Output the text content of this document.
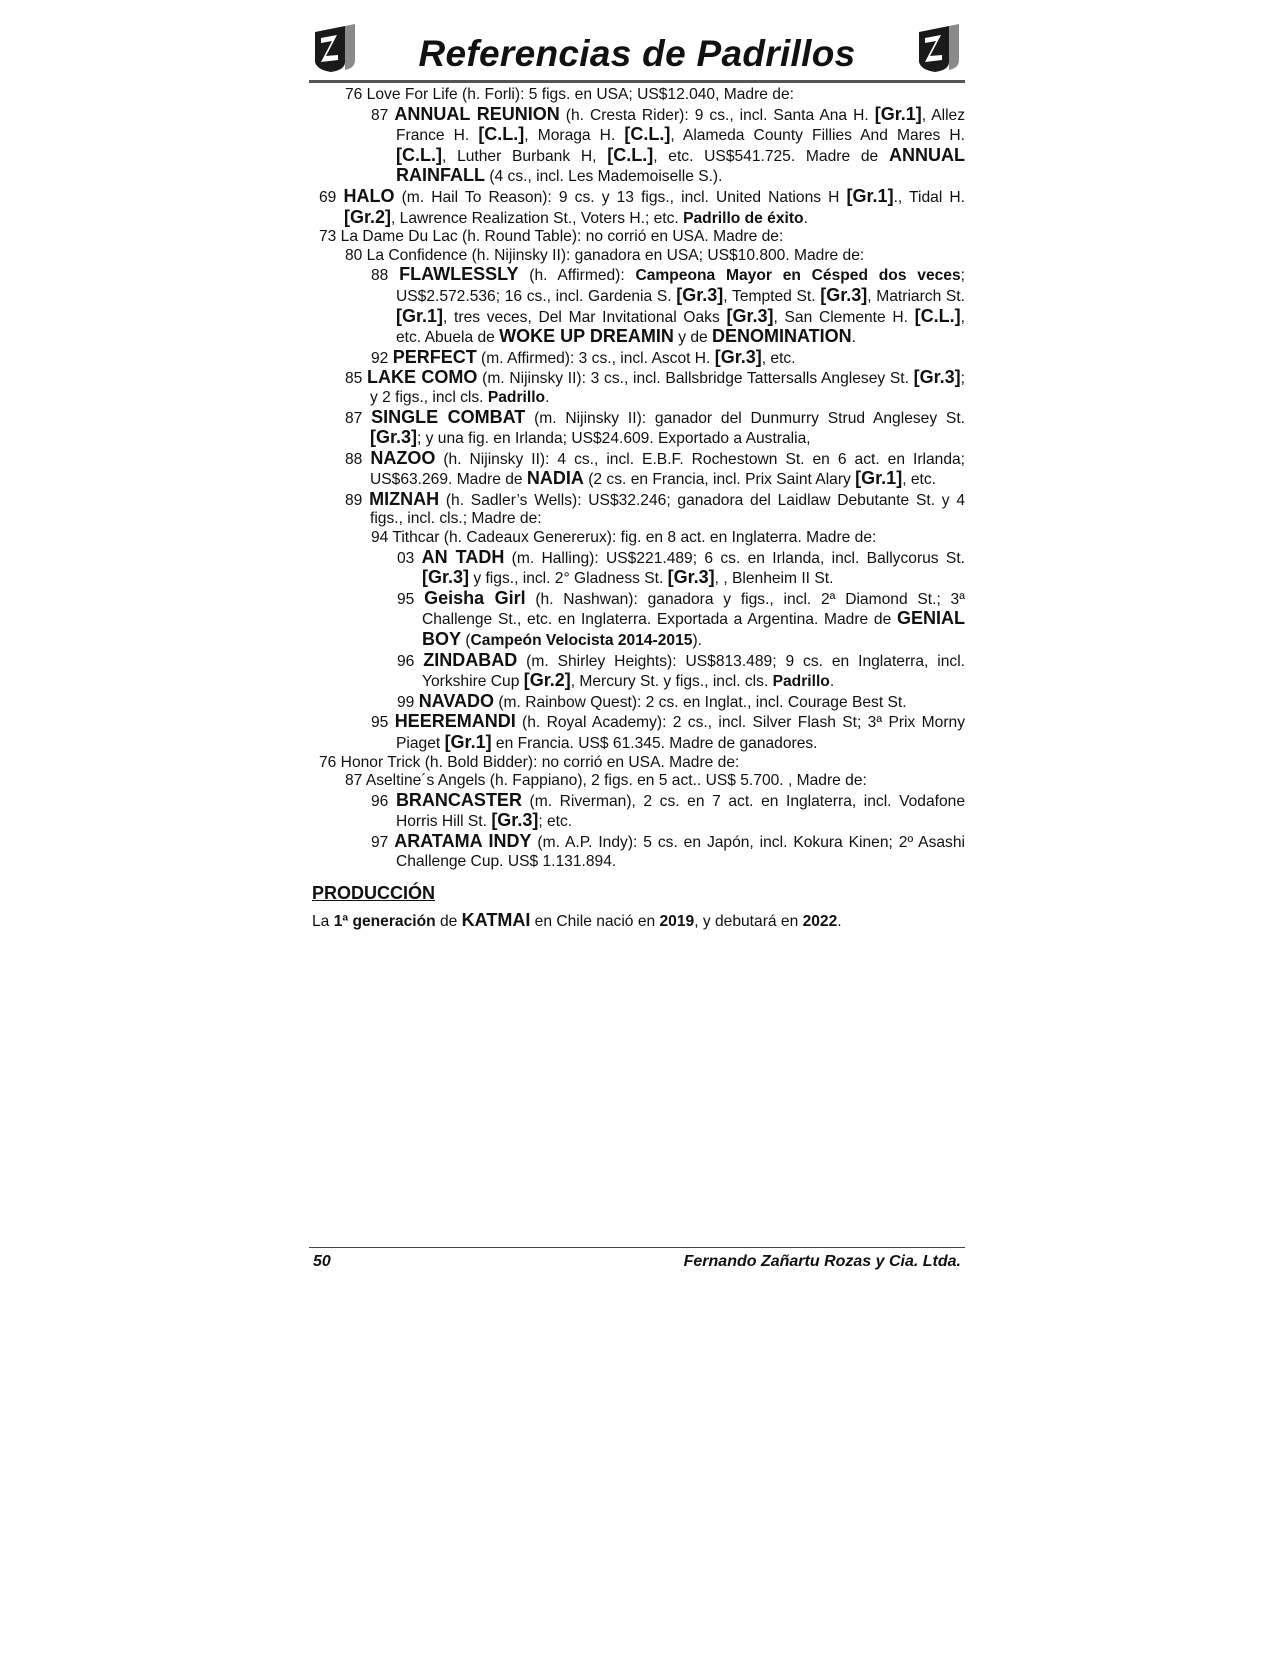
Referencias de Padrillos
76 Love For Life (h. Forli): 5 figs. en USA; US$12.040, Madre de:
87 ANNUAL REUNION (h. Cresta Rider): 9 cs., incl. Santa Ana H. [Gr.1], Allez France H. [C.L.], Moraga H. [C.L.], Alameda County Fillies And Mares H. [C.L.], Luther Burbank H, [C.L.], etc. US$541.725. Madre de ANNUAL RAINFALL (4 cs., incl. Les Mademoiselle S.).
69 HALO (m. Hail To Reason): 9 cs. y 13 figs., incl. United Nations H [Gr.1]., Tidal H. [Gr.2], Lawrence Realization St., Voters H.; etc. Padrillo de éxito.
73 La Dame Du Lac (h. Round Table): no corrió en USA. Madre de:
80 La Confidence (h. Nijinsky II): ganadora en USA; US$10.800. Madre de:
88 FLAWLESSLY (h. Affirmed): Campeona Mayor en Césped dos veces; US$2.572.536; 16 cs., incl. Gardenia S. [Gr.3], Tempted St. [Gr.3], Matriarch St. [Gr.1], tres veces, Del Mar Invitational Oaks [Gr.3], San Clemente H. [C.L.], etc. Abuela de WOKE UP DREAMIN y de DENOMINATION.
92 PERFECT (m. Affirmed): 3 cs., incl. Ascot H. [Gr.3], etc.
85 LAKE COMO (m. Nijinsky II): 3 cs., incl. Ballsbridge Tattersalls Anglesey St. [Gr.3]; y 2 figs., incl cls. Padrillo.
87 SINGLE COMBAT (m. Nijinsky II): ganador del Dunmurry Strud Anglesey St. [Gr.3]; y una fig. en Irlanda; US$24.609. Exportado a Australia,
88 NAZOO (h. Nijinsky II): 4 cs., incl. E.B.F. Rochestown St. en 6 act. en Irlanda; US$63.269. Madre de NADIA (2 cs. en Francia, incl. Prix Saint Alary [Gr.1], etc.
89 MIZNAH (h. Sadler’s Wells): US$32.246; ganadora del Laidlaw Debutante St. y 4 figs., incl. cls.; Madre de:
94 Tithcar (h. Cadeaux Genererux): fig. en 8 act. en Inglaterra. Madre de:
03 AN TADH (m. Halling): US$221.489; 6 cs. en Irlanda, incl. Ballycorus St. [Gr.3] y figs., incl. 2° Gladness St. [Gr.3], , Blenheim II St.
95 Geisha Girl (h. Nashwan): ganadora y figs., incl. 2ª Diamond St.; 3ª Challenge St., etc. en Inglaterra. Exportada a Argentina. Madre de GENIAL BOY (Campeón Velocista 2014-2015).
96 ZINDABAD (m. Shirley Heights): US$813.489; 9 cs. en Inglaterra, incl. Yorkshire Cup [Gr.2], Mercury St. y figs., incl. cls. Padrillo.
99 NAVADO (m. Rainbow Quest): 2 cs. en Inglat., incl. Courage Best St.
95 HEEREMANDI (h. Royal Academy): 2 cs., incl. Silver Flash St; 3ª Prix Morny Piaget [Gr.1] en Francia. US$ 61.345. Madre de ganadores.
76 Honor Trick (h. Bold Bidder): no corrió en USA. Madre de:
87 Aseltine´s Angels (h. Fappiano), 2 figs. en 5 act.. US$ 5.700. , Madre de:
96 BRANCASTER (m. Riverman), 2 cs. en 7 act. en Inglaterra, incl. Vodafone Horris Hill St. [Gr.3]; etc.
97 ARATAMA INDY (m. A.P. Indy): 5 cs. en Japón, incl. Kokura Kinen; 2º Asashi Challenge Cup. US$ 1.131.894.
PRODUCCIÓN
La 1ª generación de KATMAI en Chile nació en 2019, y debutará en 2022.
50	Fernando Zañartu Rozas y Cia. Ltda.
